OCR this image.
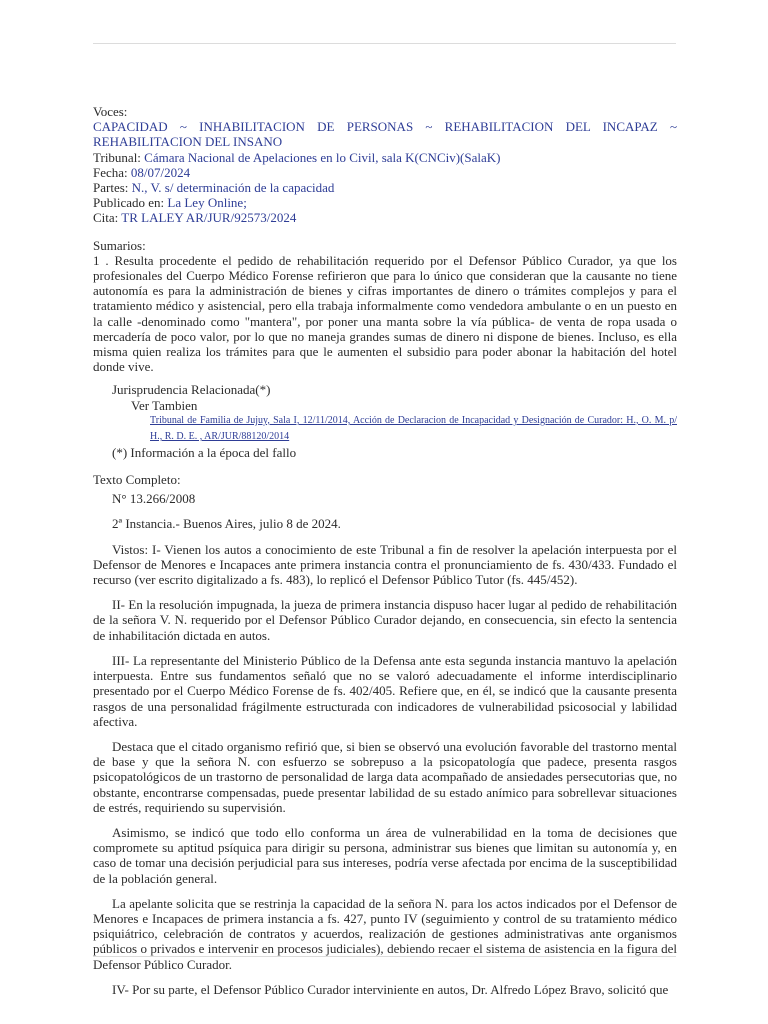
Voces:
CAPACIDAD ~ INHABILITACION DE PERSONAS ~ REHABILITACION DEL INCAPAZ ~ REHABILITACION DEL INSANO
Tribunal: Cámara Nacional de Apelaciones en lo Civil, sala K(CNCiv)(SalaK)
Fecha: 08/07/2024
Partes: N., V. s/ determinación de la capacidad
Publicado en: La Ley Online;
Cita: TR LALEY AR/JUR/92573/2024
Sumarios:
1 . Resulta procedente el pedido de rehabilitación requerido por el Defensor Público Curador, ya que los profesionales del Cuerpo Médico Forense refirieron que para lo único que consideran que la causante no tiene autonomía es para la administración de bienes y cifras importantes de dinero o trámites complejos y para el tratamiento médico y asistencial, pero ella trabaja informalmente como vendedora ambulante o en un puesto en la calle -denominado como "mantera", por poner una manta sobre la vía pública- de venta de ropa usada o mercadería de poco valor, por lo que no maneja grandes sumas de dinero ni dispone de bienes. Incluso, es ella misma quien realiza los trámites para que le aumenten el subsidio para poder abonar la habitación del hotel donde vive.
Jurisprudencia Relacionada(*)
Ver Tambien
Tribunal de Familia de Jujuy, Sala I, 12/11/2014, Acción de Declaracion de Incapacidad y Designación de Curador: H., O. M. p/ H., R. D. E. , AR/JUR/88120/2014
(*) Información a la época del fallo
Texto Completo:
N° 13.266/2008
2ª Instancia.- Buenos Aires, julio 8 de 2024.
Vistos: I- Vienen los autos a conocimiento de este Tribunal a fin de resolver la apelación interpuesta por el Defensor de Menores e Incapaces ante primera instancia contra el pronunciamiento de fs. 430/433. Fundado el recurso (ver escrito digitalizado a fs. 483), lo replicó el Defensor Público Tutor (fs. 445/452).
II- En la resolución impugnada, la jueza de primera instancia dispuso hacer lugar al pedido de rehabilitación de la señora V. N. requerido por el Defensor Público Curador dejando, en consecuencia, sin efecto la sentencia de inhabilitación dictada en autos.
III- La representante del Ministerio Público de la Defensa ante esta segunda instancia mantuvo la apelación interpuesta. Entre sus fundamentos señaló que no se valoró adecuadamente el informe interdisciplinario presentado por el Cuerpo Médico Forense de fs. 402/405. Refiere que, en él, se indicó que la causante presenta rasgos de una personalidad frágilmente estructurada con indicadores de vulnerabilidad psicosocial y labilidad afectiva.
Destaca que el citado organismo refirió que, si bien se observó una evolución favorable del trastorno mental de base y que la señora N. con esfuerzo se sobrepuso a la psicopatología que padece, presenta rasgos psicopatológicos de un trastorno de personalidad de larga data acompañado de ansiedades persecutorias que, no obstante, encontrarse compensadas, puede presentar labilidad de su estado anímico para sobrellevar situaciones de estrés, requiriendo su supervisión.
Asimismo, se indicó que todo ello conforma un área de vulnerabilidad en la toma de decisiones que compromete su aptitud psíquica para dirigir su persona, administrar sus bienes que limitan su autonomía y, en caso de tomar una decisión perjudicial para sus intereses, podría verse afectada por encima de la susceptibilidad de la población general.
La apelante solicita que se restrinja la capacidad de la señora N. para los actos indicados por el Defensor de Menores e Incapaces de primera instancia a fs. 427, punto IV (seguimiento y control de su tratamiento médico psiquiátrico, celebración de contratos y acuerdos, realización de gestiones administrativas ante organismos públicos o privados e intervenir en procesos judiciales), debiendo recaer el sistema de asistencia en la figura del Defensor Público Curador.
IV- Por su parte, el Defensor Público Curador interviniente en autos, Dr. Alfredo López Bravo, solicitó que
